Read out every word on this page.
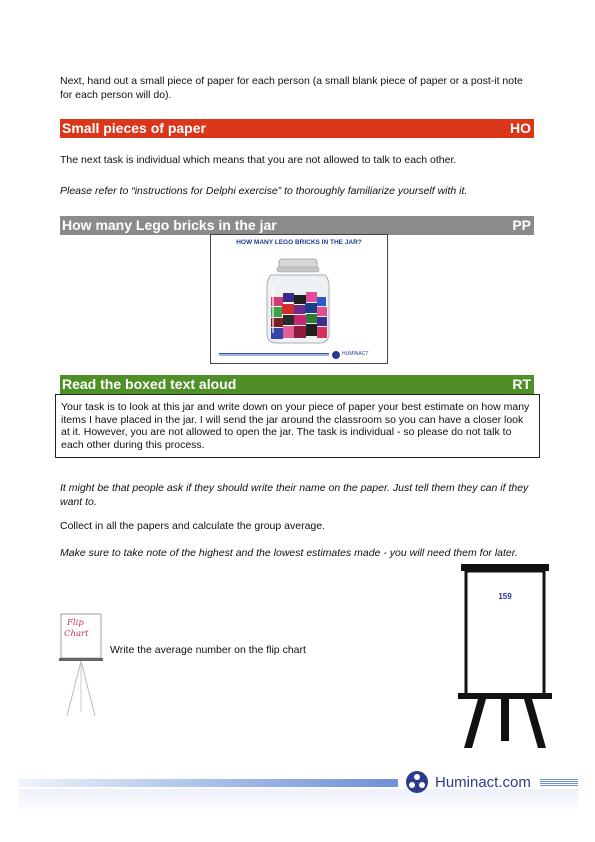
Next, hand out a small piece of paper for each person (a small blank piece of paper or a post-it note for each person will do).
Small pieces of paper	HO
The next task is individual which means that you are not allowed to talk to each other.
Please refer to “instructions for Delphi exercise” to thoroughly familiarize yourself with it.
How many Lego bricks in the jar	PP
HOW MANY LEGO BRICKS IN THE JAR?
HUMINACT
Read the boxed text aloud	RT
Your task is to look at this jar and write down on your piece of paper your best estimate on how many items I have placed in the jar. I will send the jar around the classroom so you can have a closer look at it. However, you are not allowed to open the jar. The task is individual - so please do not talk to each other during this process.
It might be that people ask if they should write their name on the paper. Just tell them they can if they want to.
Collect in all the papers and calculate the group average.
Make sure to take note of the highest and the lowest estimates made - you will need them for later.
Flip
Chart
Write the average number on the flip chart
159
Huminact.com
